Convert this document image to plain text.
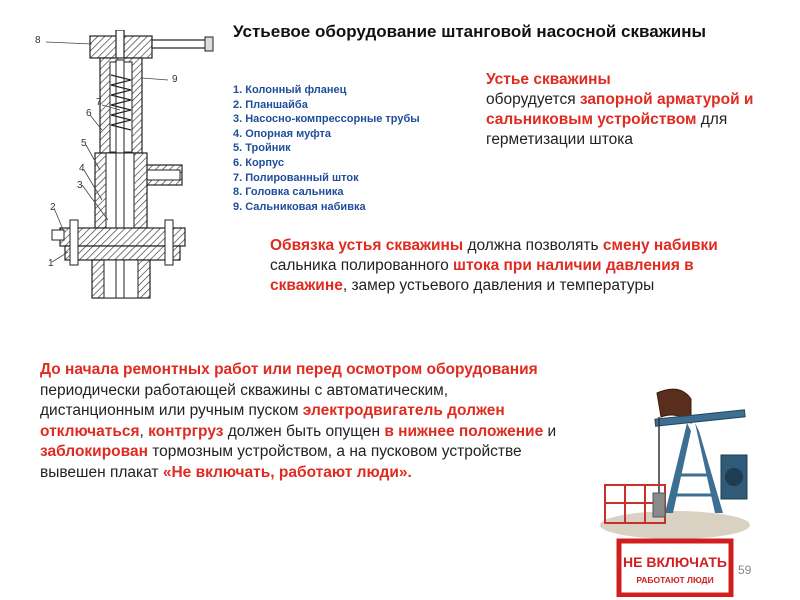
Устьевое оборудование штанговой насосной скважины
8
9
7
6
5
4
3
2
1
1. Колонный фланец
2. Планшайба
3. Насосно-компрессорные трубы
4. Опорная муфта
5. Тройник
6. Корпус
7. Полированный шток
8. Головка сальника
9. Сальниковая набивка
Устье скважины
оборудуется запорной арматурой и сальниковым устройством для герметизации штока
Обвязка устья скважины должна позволять смену набивки сальника полированного штока при наличии давления в скважине, замер устьевого давления и температуры
До начала ремонтных работ или перед осмотром оборудования периодически работающей скважины с автоматическим, дистанционным или ручным пуском электродвигатель должен отключаться, контргруз должен быть опущен в нижнее положение и заблокирован тормозным устройством, а на пусковом устройстве вывешен плакат «Не включать, работают люди».
НЕ ВКЛЮЧАТЬ
РАБОТАЮТ ЛЮДИ
59
